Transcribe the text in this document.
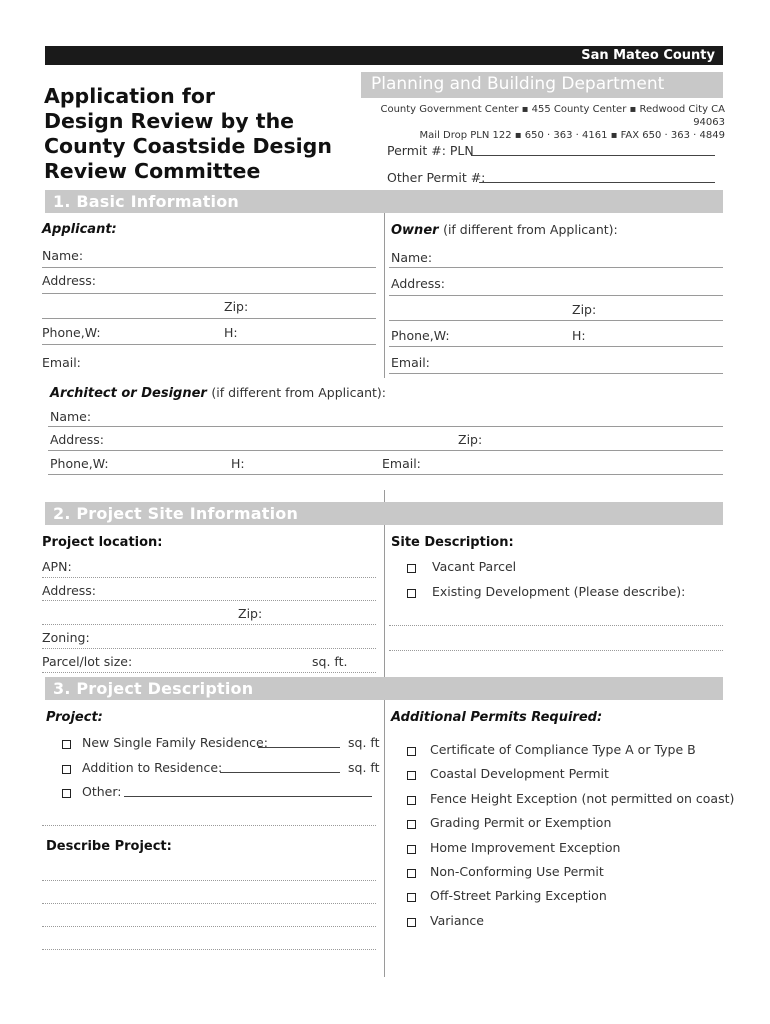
San Mateo County
Planning and Building Department
County Government Center ▪ 455 County Center ▪ Redwood City CA 94063
Mail Drop PLN 122 ▪ 650 · 363 · 4161 ▪ FAX 650 · 363 · 4849
Application for
Design Review by the
County Coastside Design
Review Committee
Permit #: PLN
Other Permit #:
1. Basic Information
Applicant:
Name:
Address:
Zip:
Phone,W:	H:
Email:
Owner (if different from Applicant):
Name:
Address:
Zip:
Phone,W:	H:
Email:
Architect or Designer (if different from Applicant):
Name:
Address:	Zip:
Phone,W:	H:	Email:
2. Project Site Information
Project location:
APN:
Address:
Zip:
Zoning:
Parcel/lot size:	sq. ft.
Site Description:
Vacant Parcel
Existing Development (Please describe):
3. Project Description
Project:
New Single Family Residence:	sq. ft
Addition to Residence:	sq. ft
Other:
Describe Project:
Additional Permits Required:
Certificate of Compliance Type A or Type B
Coastal Development Permit
Fence Height Exception (not permitted on coast)
Grading Permit or Exemption
Home Improvement Exception
Non-Conforming Use Permit
Off-Street Parking Exception
Variance
